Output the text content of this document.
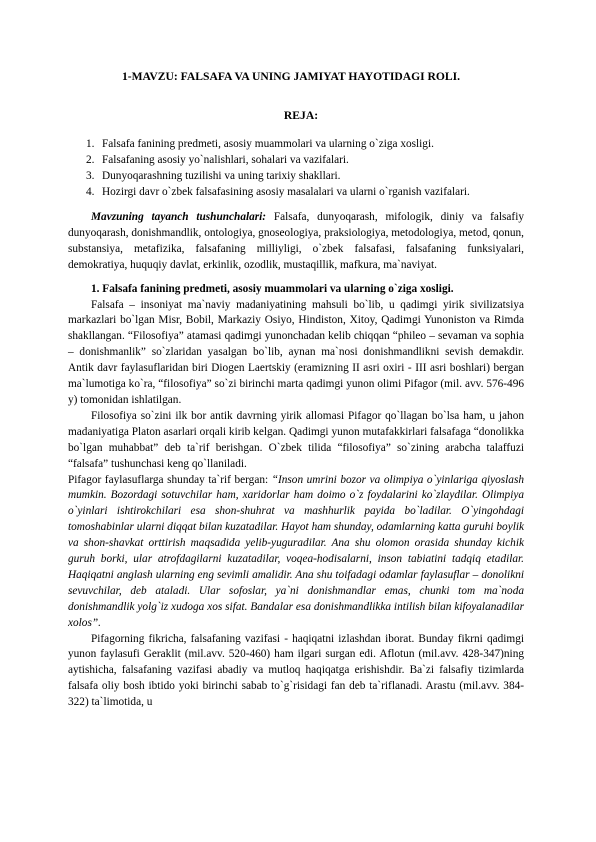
1-MAVZU: FALSAFA VA UNING JAMIYAT HAYOTIDAGI ROLI.
REJA:
1. Falsafa fanining predmeti, asosiy muammolari va ularning o`ziga xosligi.
2. Falsafaning asosiy yo`nalishlari, sohalari va vazifalari.
3. Dunyoqarashning tuzilishi va uning tarixiy shakllari.
4. Hozirgi davr o`zbek falsafasining asosiy masalalari va ularni o`rganish vazifalari.

Mavzuning tayanch tushunchalari: Falsafa, dunyoqarash, mifologik, diniy va falsafiy dunyoqarash, donishmandlik, ontologiya, gnoseologiya, praksiologiya, metodologiya, metod, qonun, substansiya, metafizika, falsafaning milliyligi, o`zbek falsafasi, falsafaning funksiyalari, demokratiya, huquqiy davlat, erkinlik, ozodlik, mustaqillik, mafkura, ma`naviyat.

1. Falsafa fanining predmeti, asosiy muammolari va ularning o`ziga xosligi.

Falsafa – insoniyat ma`naviy madaniyatining mahsuli bo`lib, u qadimgi yirik sivilizatsiya markazlari bo`lgan Misr, Bobil, Markaziy Osiyo, Hindiston, Xitoy, Qadimgi Yunoniston va Rimda shakllangan. “Filosofiya” atamasi qadimgi yunonchadan kelib chiqqan “phileo – sevaman va sophia – donishmanlik” so`zlaridan yasalgan bo`lib, aynan ma`nosi donishmandlikni sevish demakdir. Antik davr faylasuflaridan biri Diogen Laertskiy (eramizning II asri oxiri - III asri boshlari) bergan ma`lumotiga ko`ra, “filosofiya” so`zi birinchi marta qadimgi yunon olimi Pifagor (mil. avv. 576-496 y) tomonidan ishlatilgan.

Filosofiya so`zini ilk bor antik davrning yirik allomasi Pifagor qo`llagan bo`lsa ham, u jahon madaniyatiga Platon asarlari orqali kirib kelgan. Qadimgi yunon mutafakkirlari falsafaga “donolikka bo`lgan muhabbat” deb ta`rif berishgan. O`zbek tilida “filosofiya” so`zining arabcha talaffuzi “falsafa” tushunchasi keng qo`llaniladi.

Pifagor faylasuflarga shunday ta`rif bergan: “Inson umrini bozor va olimpiya o`yinlariga qiyoslash mumkin. Bozordagi sotuvchilar ham, xaridorlar ham doimo o`z foydalarini ko`zlaydilar. Olimpiya o`yinlari ishtirokchilari esa shon-shuhrat va mashhurlik payida bo`ladilar. O`yingohdagi tomoshabinlar ularni diqqat bilan kuzatadilar. Hayot ham shunday, odamlarning katta guruhi boylik va shon-shavkat orttirish maqsadida yelib-yuguradilar. Ana shu olomon orasida shunday kichik guruh borki, ular atrofdagilarni kuzatadilar, voqea-hodisalarni, inson tabiatini tadqiq etadilar. Haqiqatni anglash ularning eng sevimli amalidir. Ana shu toifadagi odamlar faylasuflar – donolikni sevuvchilar, deb ataladi. Ular sofoslar, ya`ni donishmandlar emas, chunki tom ma`noda donishmandlik yolg`iz xudoga xos sifat. Bandalar esa donishmandlikka intilish bilan kifoyalanadilar xolos”.

Pifagorning fikricha, falsafaning vazifasi - haqiqatni izlashdan iborat. Bunday fikrni qadimgi yunon faylasufi Geraklit (mil.avv. 520-460) ham ilgari surgan edi. Aflotun (mil.avv. 428-347)ning aytishicha, falsafaning vazifasi abadiy va mutloq haqiqatga erishishdir. Ba`zi falsafiy tizimlarda falsafa oliy bosh ibtido yoki birinchi sabab to`g`risidagi fan deb ta`riflanadi. Arastu (mil.avv. 384-322) ta`limotida, u
